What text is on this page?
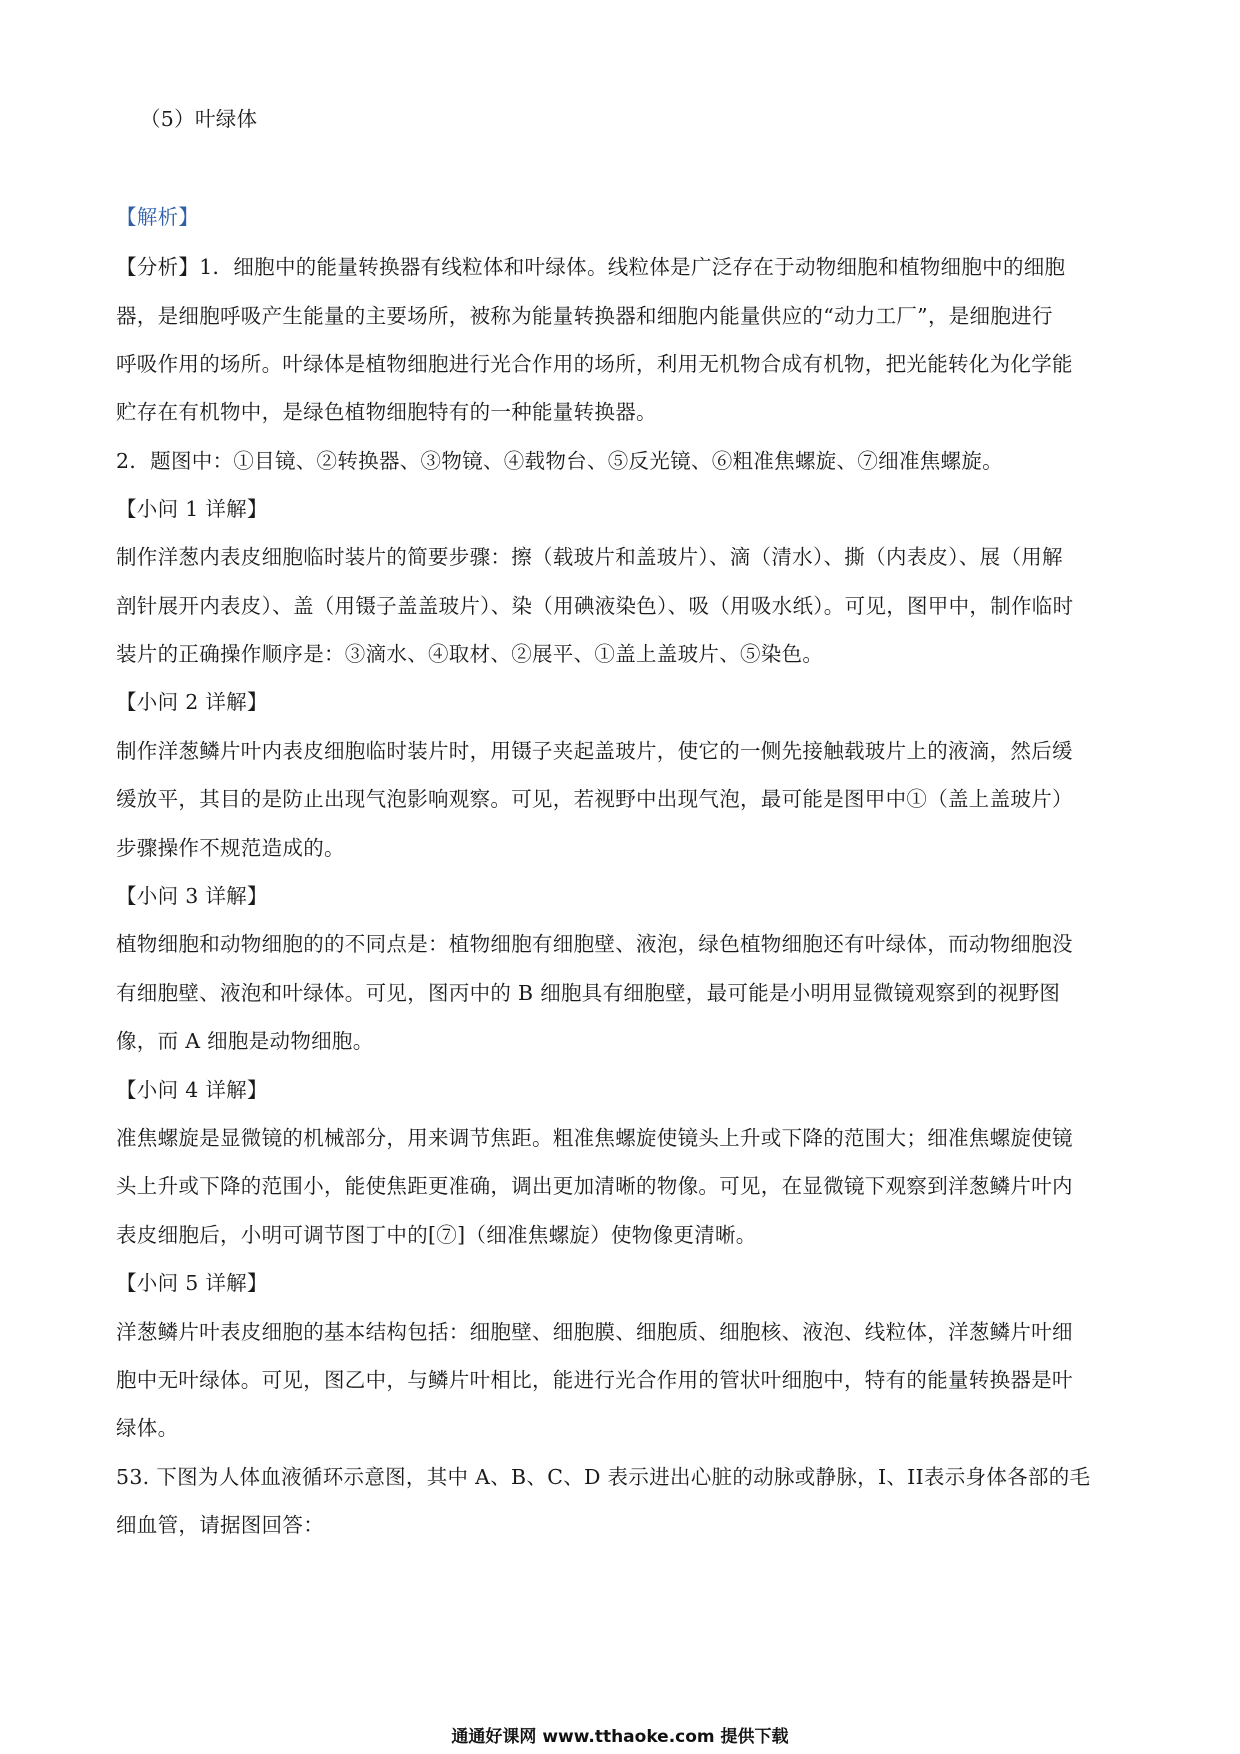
（5）叶绿体
【解析】
【分析】1．细胞中的能量转换器有线粒体和叶绿体。线粒体是广泛存在于动物细胞和植物细胞中的细胞
器，是细胞呼吸产生能量的主要场所，被称为能量转换器和细胞内能量供应的“动力工厂”，是细胞进行
呼吸作用的场所。叶绿体是植物细胞进行光合作用的场所，利用无机物合成有机物，把光能转化为化学能
贮存在有机物中，是绿色植物细胞特有的一种能量转换器。
2．题图中：①目镜、②转换器、③物镜、④载物台、⑤反光镜、⑥粗准焦螺旋、⑦细准焦螺旋。
【小问 1 详解】
制作洋葱内表皮细胞临时装片的简要步骤：擦（载玻片和盖玻片）、滴（清水）、撕（内表皮）、展（用解
剖针展开内表皮）、盖（用镊子盖盖玻片）、染（用碘液染色）、吸（用吸水纸）。可见，图甲中，制作临时
装片的正确操作顺序是：③滴水、④取材、②展平、①盖上盖玻片、⑤染色。
【小问 2 详解】
制作洋葱鳞片叶内表皮细胞临时装片时，用镊子夹起盖玻片，使它的一侧先接触载玻片上的液滴，然后缓
缓放平，其目的是防止出现气泡影响观察。可见，若视野中出现气泡，最可能是图甲中①（盖上盖玻片）
步骤操作不规范造成的。
【小问 3 详解】
植物细胞和动物细胞的的不同点是：植物细胞有细胞壁、液泡，绿色植物细胞还有叶绿体，而动物细胞没
有细胞壁、液泡和叶绿体。可见，图丙中的 B 细胞具有细胞壁，最可能是小明用显微镜观察到的视野图
像，而 A 细胞是动物细胞。
【小问 4 详解】
准焦螺旋是显微镜的机械部分，用来调节焦距。粗准焦螺旋使镜头上升或下降的范围大；细准焦螺旋使镜
头上升或下降的范围小，能使焦距更准确，调出更加清晰的物像。可见，在显微镜下观察到洋葱鳞片叶内
表皮细胞后，小明可调节图丁中的[⑦]（细准焦螺旋）使物像更清晰。
【小问 5 详解】
洋葱鳞片叶表皮细胞的基本结构包括：细胞壁、细胞膜、细胞质、细胞核、液泡、线粒体，洋葱鳞片叶细
胞中无叶绿体。可见，图乙中，与鳞片叶相比，能进行光合作用的管状叶细胞中，特有的能量转换器是叶
绿体。
53. 下图为人体血液循环示意图，其中 A、B、C、D 表示进出心脏的动脉或静脉，I、II表示身体各部的毛
细血管，请据图回答：
通通好课网 www.tthaoke.com 提供下载
